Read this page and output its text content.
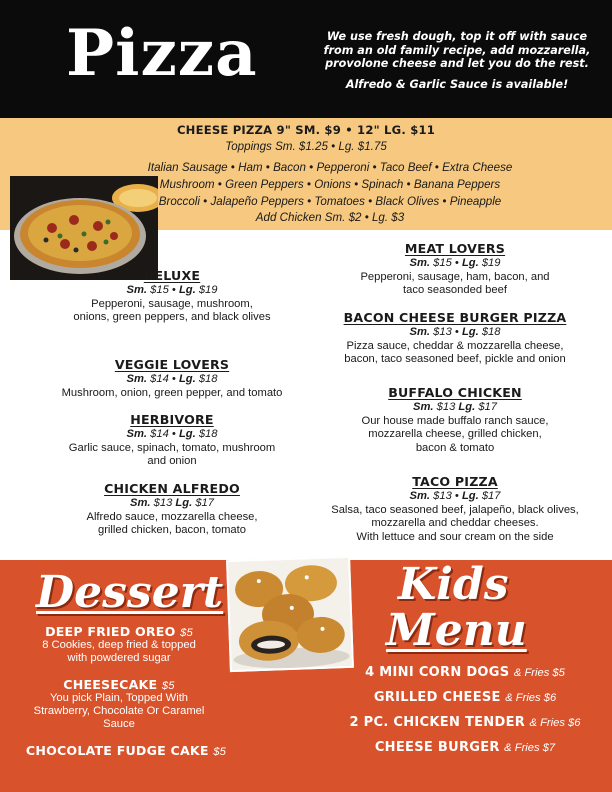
Pizza	We use fresh dough, top it off with sauce from an old family recipe, add mozzarella, provolone cheese and let you do the rest.

Alfredo & Garlic Sauce is available!

CHEESE PIZZA 9" SM. $9 • 12" LG. $11
Toppings Sm. $1.25 • Lg. $1.75
Italian Sausage • Ham • Bacon • Pepperoni • Taco Beef • Extra Cheese
Mushroom • Green Peppers • Onions • Spinach • Banana Peppers
Broccoli • Jalapeño Peppers • Tomatoes • Black Olives • Pineapple
Add Chicken Sm. $2 • Lg. $3
DELUXE
Sm. $15 • Lg. $19
Pepperoni, sausage, mushroom,
onions, green peppers, and black olives
VEGGIE LOVERS
Sm. $14 • Lg. $18
Mushroom, onion, green pepper, and tomato
HERBIVORE
Sm. $14 • Lg. $18
Garlic sauce, spinach, tomato, mushroom
and onion
CHICKEN ALFREDO
Sm. $13 Lg. $17
Alfredo sauce, mozzarella cheese,
grilled chicken, bacon, tomato
MEAT LOVERS
Sm. $15 • Lg. $19
Pepperoni, sausage, ham, bacon, and
taco seasonded beef
BACON CHEESE BURGER PIZZA
Sm. $13 • Lg. $18
Pizza sauce, cheddar & mozzarella cheese,
bacon, taco seasoned beef, pickle and onion
BUFFALO CHICKEN
Sm. $13 Lg. $17
Our house made buffalo ranch sauce,
mozzarella cheese, grilled chicken,
bacon & tomato
TACO PIZZA
Sm. $13 • Lg. $17
Salsa, taco seasoned beef, jalapeño, black olives,
mozzarella and cheddar cheeses.
With lettuce and sour cream on the side
Dessert
DEEP FRIED OREO $5
8 Cookies, deep fried & topped
with powdered sugar
CHEESECAKE $5
You pick Plain, Topped With
Strawberry, Chocolate Or Caramel
Sauce
CHOCOLATE FUDGE CAKE $5
Kids
Menu
4 MINI CORN DOGS & Fries $5
GRILLED CHEESE & Fries $6
2 PC. CHICKEN TENDER & Fries $6
CHEESE BURGER & Fries $7
